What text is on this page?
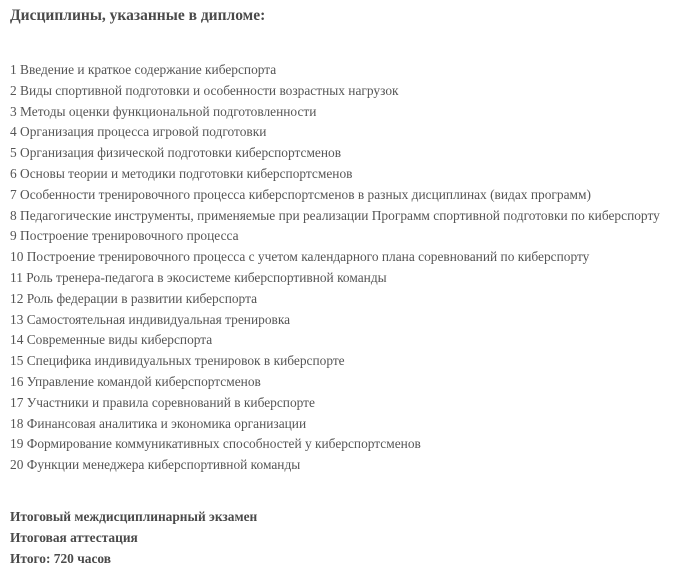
Дисциплины, указанные в дипломе:
1 Введение и краткое содержание киберспорта
2 Виды спортивной подготовки и особенности возрастных нагрузок
3 Методы оценки функциональной подготовленности
4 Организация процесса игровой подготовки
5 Организация физической подготовки киберспортсменов
6 Основы теории и методики подготовки киберспортсменов
7 Особенности тренировочного процесса киберспортсменов в разных дисциплинах (видах программ)
8 Педагогические инструменты, применяемые при реализации Программ спортивной подготовки по киберспорту
9 Построение тренировочного процесса
10 Построение тренировочного процесса с учетом календарного плана соревнований по киберспорту
11 Роль тренера-педагога в экосистеме киберспортивной команды
12 Роль федерации в развитии киберспорта
13 Самостоятельная индивидуальная тренировка
14 Современные виды киберспорта
15 Специфика индивидуальных тренировок в киберспорте
16 Управление командой киберспортсменов
17 Участники и правила соревнований в киберспорте
18 Финансовая аналитика и экономика организации
19 Формирование коммуникативных способностей у киберспортсменов
20 Функции менеджера киберспортивной команды
Итоговый междисциплинарный экзамен
Итоговая аттестация
Итого: 720 часов
